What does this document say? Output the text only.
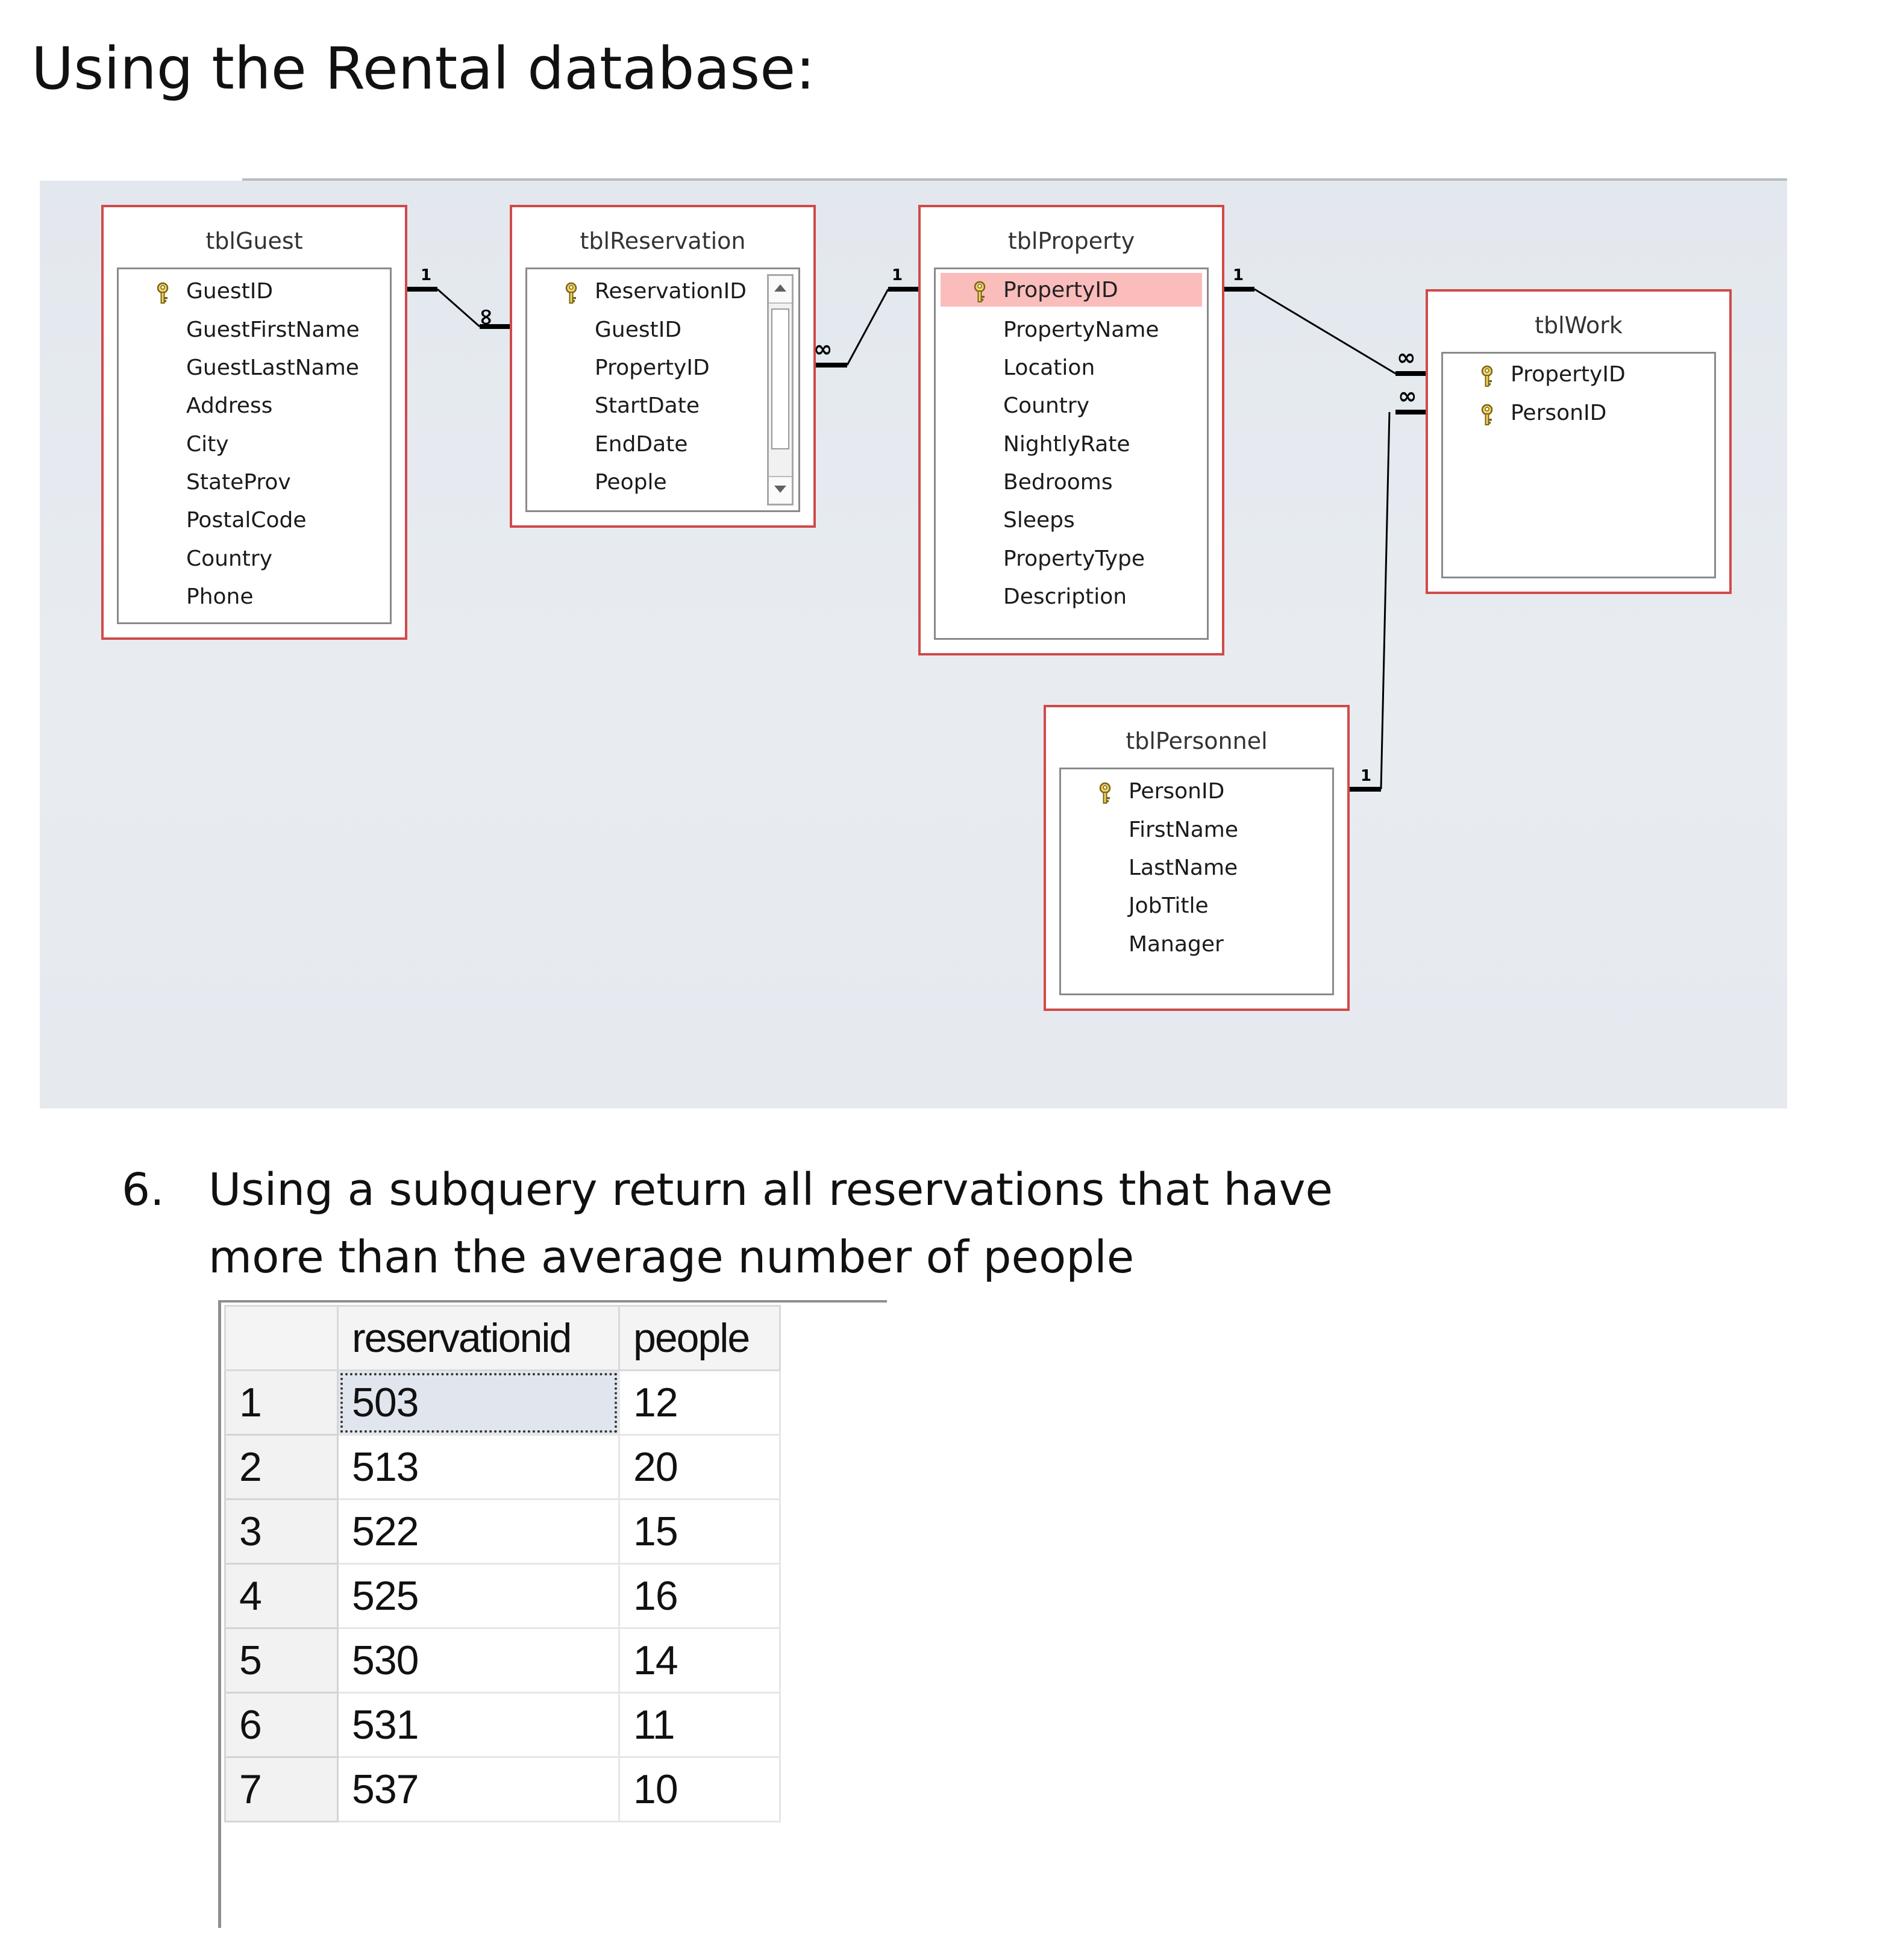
Using the Rental database:
tblGuest
GuestID
GuestFirstName
GuestLastName
Address
City
StateProv
PostalCode
Country
Phone
tblReservation
ReservationID
GuestID
PropertyID
StartDate
EndDate
People
tblProperty
PropertyID
PropertyName
Location
Country
NightlyRate
Bedrooms
Sleeps
PropertyType
Description
tblWork
PropertyID
PersonID
tblPersonnel
PersonID
FirstName
LastName
JobTitle
Manager
1
∞
1
∞
1
∞
∞
1
6. Using a subquery return all reservations that have
more than the average number of people
	reservationid	people
1	503	12
2	513	20
3	522	15
4	525	16
5	530	14
6	531	11
7	537	10
